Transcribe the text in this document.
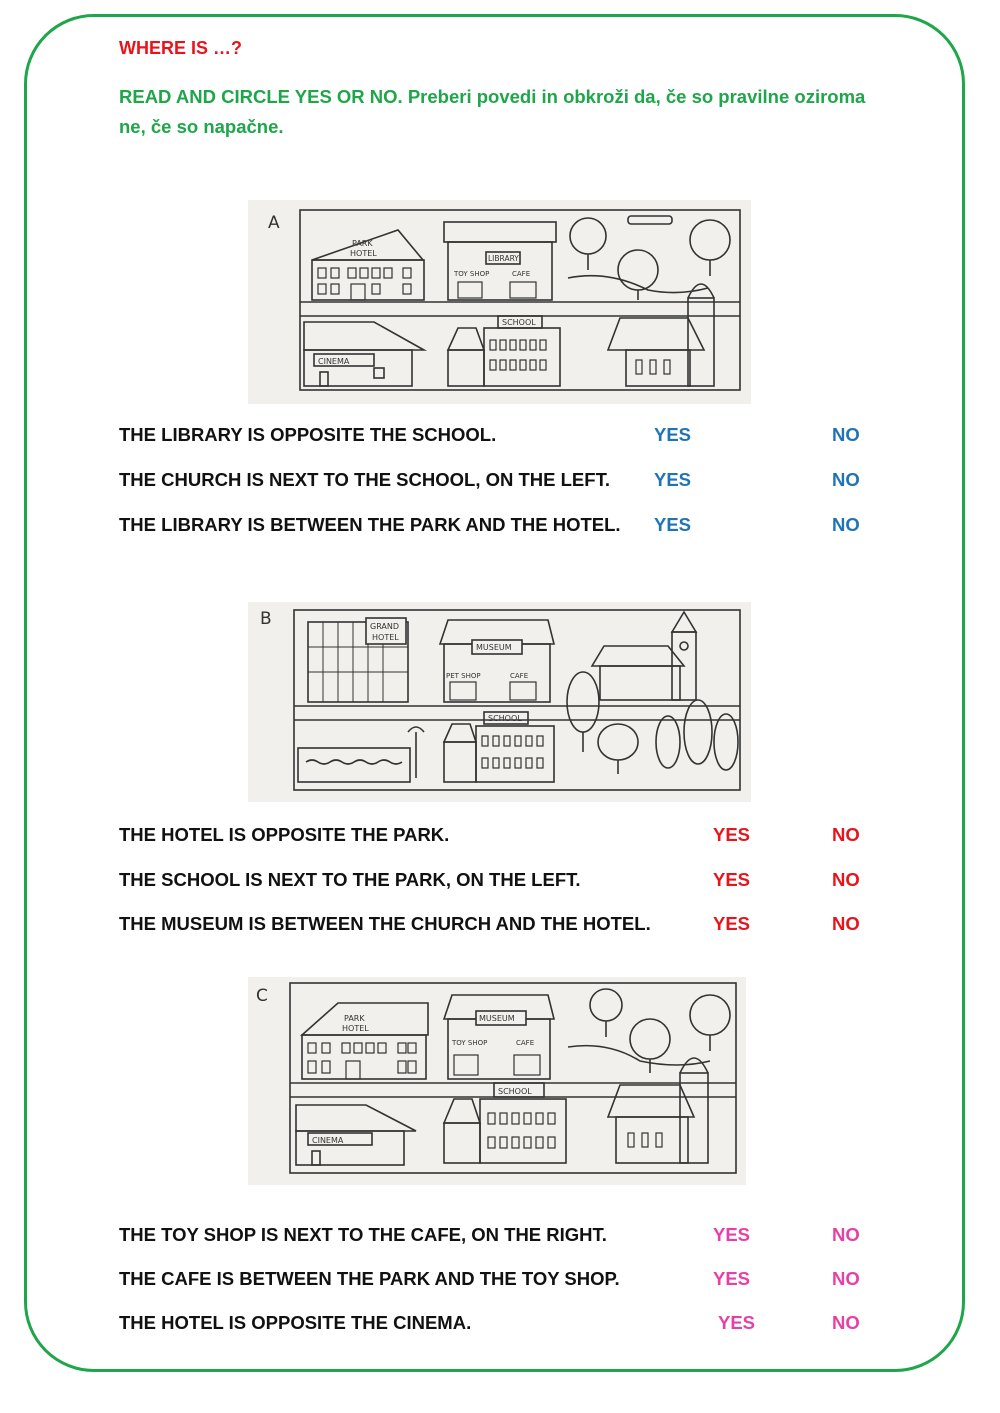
WHERE IS …?
READ AND CIRCLE YES OR NO. Preberi povedi in obkroži da, če so pravilne oziroma ne, če so napačne.
A
PARK
HOTEL
LIBRARY
TOY SHOP	CAFE
CINEMA
SCHOOL
B	GRAND
HOTEL
MUSEUM
PET SHOP	CAFE
SCHOOL
C
PARK
HOTEL
MUSEUM
TOY SHOP	CAFE
CINEMA
SCHOOL
THE LIBRARY IS OPPOSITE THE SCHOOL.	YES	NO
THE CHURCH IS NEXT TO THE SCHOOL, ON THE LEFT. YES	NO
THE LIBRARY IS BETWEEN THE PARK AND THE HOTEL. YES	NO
THE HOTEL IS OPPOSITE THE PARK.	YES	NO
THE SCHOOL IS NEXT TO THE PARK, ON THE LEFT.	YES	NO
THE MUSEUM IS BETWEEN THE CHURCH AND THE HOTEL.	YES	NO
THE TOY SHOP IS NEXT TO THE CAFE, ON THE RIGHT.	YES	NO
THE CAFE IS BETWEEN THE PARK AND THE TOY SHOP.	YES	NO
THE HOTEL IS OPPOSITE THE CINEMA.	YES	NO
